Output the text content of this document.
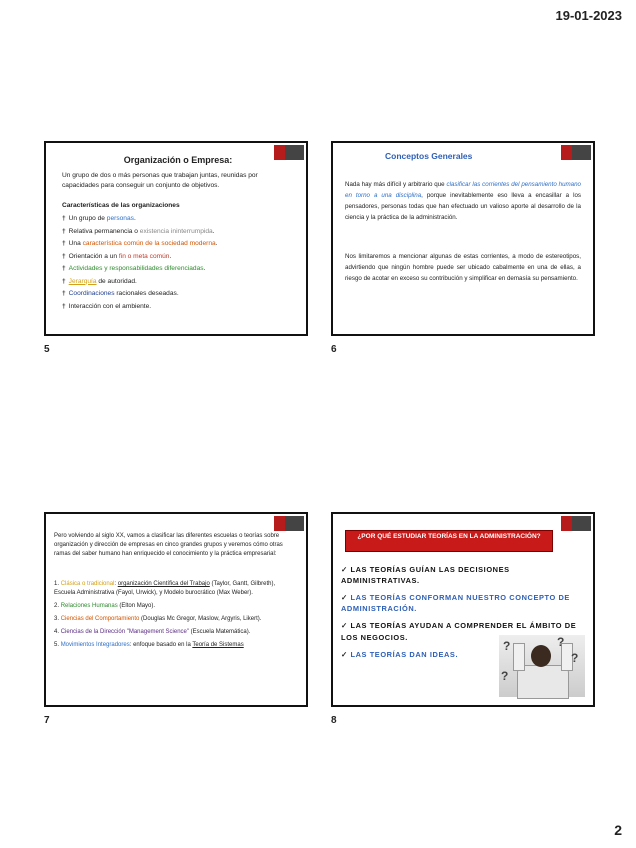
19-01-2023
Organización o Empresa:
Un grupo de dos o más personas que trabajan juntas, reunidas por capacidades para conseguir un conjunto de objetivos.
Características de las organizaciones
† Un grupo de personas.
† Relativa permanencia o existencia ininterrumpida.
† Una característica común de la sociedad moderna.
† Orientación a un fin o meta común.
† Actividades y responsabilidades diferenciadas.
† Jerarquía de autoridad.
† Coordinaciones racionales deseadas.
† Interacción con el ambiente.
5
Conceptos Generales
Nada hay más difícil y arbitrario que clasificar las corrientes del pensamiento humano en torno a una disciplina, porque inevitablemente eso lleva a encasillar a los pensadores, personas todas que han efectuado un valioso aporte al desarrollo de la ciencia y la práctica de la administración.
Nos limitaremos a mencionar algunas de estas corrientes, a modo de estereotipos, advirtiendo que ningún hombre puede ser ubicado cabalmente en una de ellas, a riesgo de acotar en exceso su contribución y simplificar en demasía su pensamiento.
6
Pero volviendo al siglo XX, vamos a clasificar las diferentes escuelas o teorías sobre organización y dirección de empresas en cinco grandes grupos y veremos cómo otras ramas del saber humano han enriquecido el conocimiento y la práctica empresarial:
1. Clásica o tradicional: organización Científica del Trabajo (Taylor, Gantt, Gilbreth), Escuela Administrativa (Fayol, Urwick), y Modelo burocrático (Max Weber).
2. Relaciones Humanas (Elton Mayo).
3. Ciencias del Comportamiento (Douglas Mc Gregor, Maslow, Argyris, Likert).
4. Ciencias de la Dirección "Management Science" (Escuela Matemática).
5. Movimientos Integradores: enfoque basado en la Teoría de Sistemas
7
¿POR QUÉ ESTUDIAR TEORÍAS EN LA ADMINISTRACIÓN?
✓ LAS TEORÍAS GUÍAN LAS DECISIONES ADMINISTRATIVAS.
✓ LAS TEORÍAS CONFORMAN NUESTRO CONCEPTO DE ADMINISTRACIÓN.
✓ LAS TEORÍAS AYUDAN A COMPRENDER EL ÁMBITO DE LOS NEGOCIOS.
✓ LAS TEORÍAS DAN IDEAS.
?	?
?
?
8
2
